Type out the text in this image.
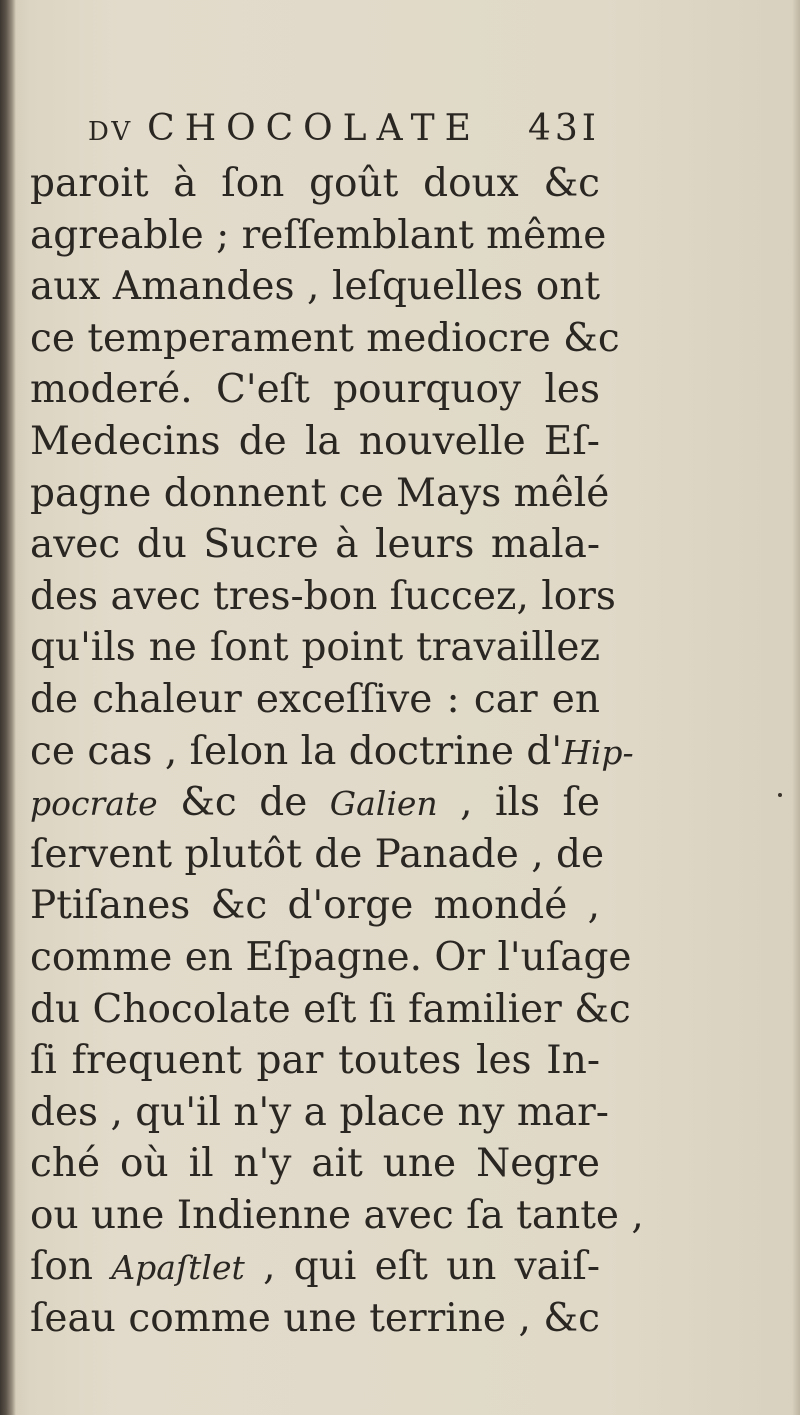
DV CHOCOLATE 43I
paroit à ſon goût doux &c
agreable ; reſſemblant même
aux Amandes , leſquelles ont
ce temperament mediocre &c
moderé. C'eſt pourquoy les
Medecins de la nouvelle Eſ-
pagne donnent ce Mays mêlé
avec du Sucre à leurs mala-
des avec tres-bon ſuccez, lors
qu'ils ne ſont point travaillez
de chaleur exceſſive : car en
ce cas , ſelon la doctrine d'Hip-
pocrate &c de Galien , ils ſe
ſervent plutôt de Panade , de
Ptiſanes &c d'orge mondé ,
comme en Eſpagne. Or l'uſage
du Chocolate eſt ſi familier &c
ſi frequent par toutes les In-
des , qu'il n'y a place ny mar-
ché où il n'y ait une Negre
ou une Indienne avec ſa tante ,
ſon Apaſtlet , qui eſt un vaiſ-
ſeau comme une terrine , &c
